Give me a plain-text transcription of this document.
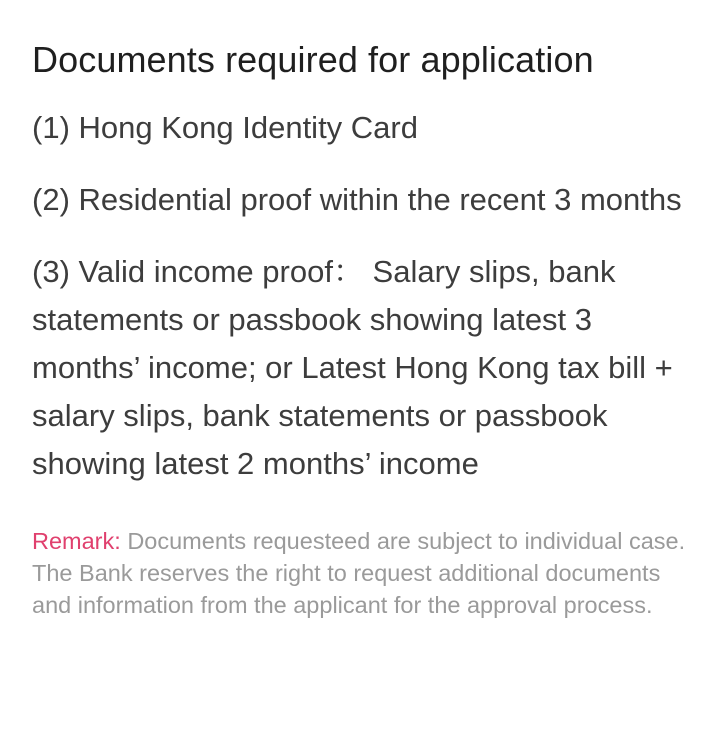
Documents required for application
(1) Hong Kong Identity Card
(2) Residential proof within the recent 3 months
(3) Valid income proof： Salary slips, bank statements or passbook showing latest 3 months’ income; or Latest Hong Kong tax bill + salary slips, bank statements or passbook showing latest 2 months’ income

Remark: Documents requesteed are subject to individual case. The Bank reserves the right to request additional documents and information from the applicant for the approval process.
